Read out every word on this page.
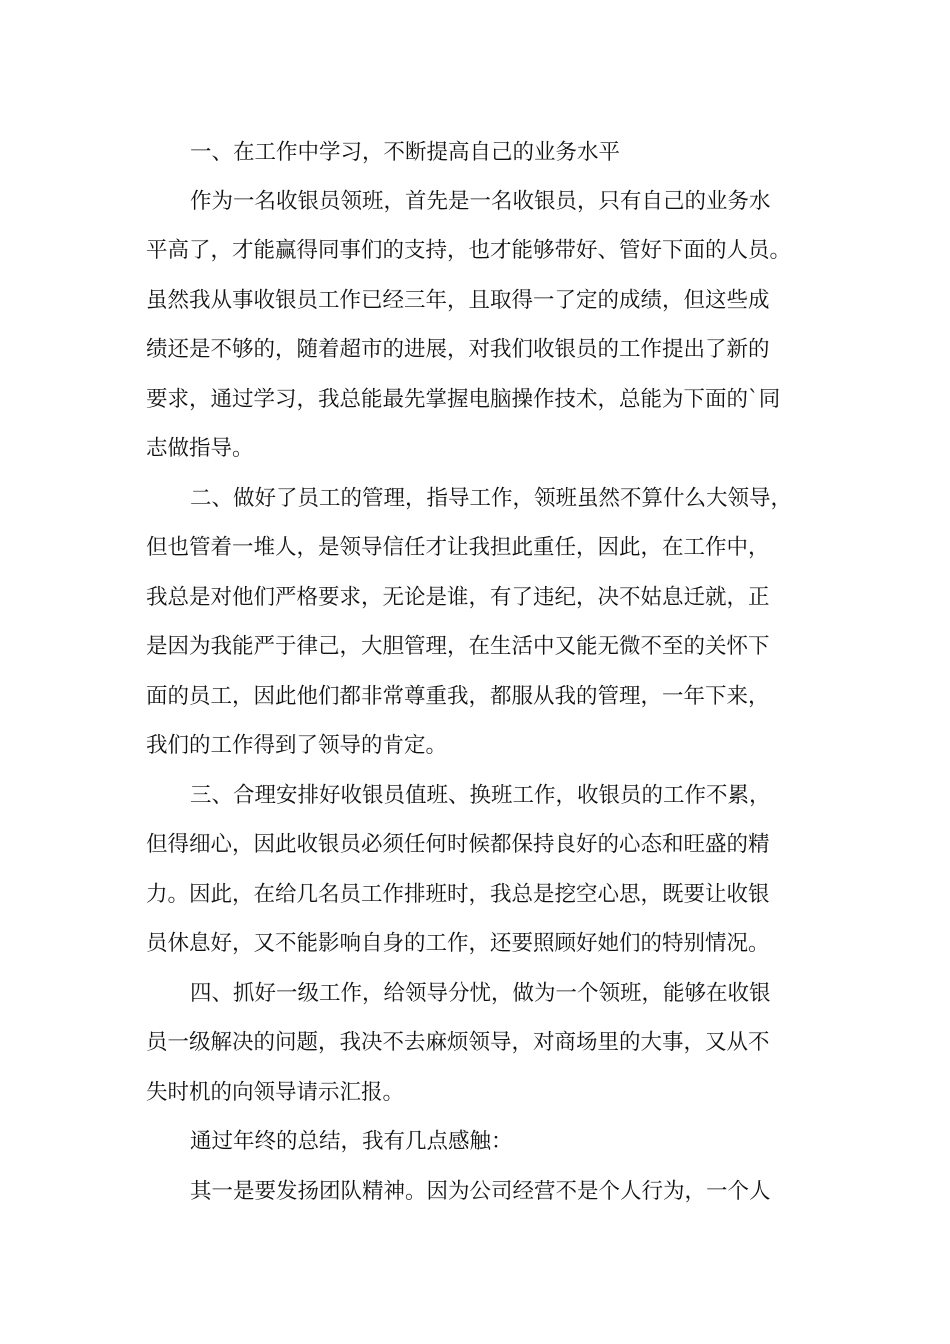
一、在工作中学习，不断提高自己的业务水平
作为一名收银员领班，首先是一名收银员，只有自己的业务水
平高了，才能赢得同事们的支持，也才能够带好、管好下面的人员。
虽然我从事收银员工作已经三年，且取得一了定的成绩，但这些成
绩还是不够的，随着超市的进展，对我们收银员的工作提出了新的
要求，通过学习，我总能最先掌握电脑操作技术，总能为下面的`同
志做指导。
二、做好了员工的管理，指导工作，领班虽然不算什么大领导，
但也管着一堆人，是领导信任才让我担此重任，因此，在工作中，
我总是对他们严格要求，无论是谁，有了违纪，决不姑息迁就，正
是因为我能严于律己，大胆管理，在生活中又能无微不至的关怀下
面的员工，因此他们都非常尊重我，都服从我的管理，一年下来，
我们的工作得到了领导的肯定。
三、合理安排好收银员值班、换班工作，收银员的工作不累，
但得细心，因此收银员必须任何时候都保持良好的心态和旺盛的精
力。因此，在给几名员工作排班时，我总是挖空心思，既要让收银
员休息好，又不能影响自身的工作，还要照顾好她们的特别情况。
四、抓好一级工作，给领导分忧，做为一个领班，能够在收银
员一级解决的问题，我决不去麻烦领导，对商场里的大事，又从不
失时机的向领导请示汇报。
通过年终的总结，我有几点感触：
其一是要发扬团队精神。因为公司经营不是个人行为，一个人
